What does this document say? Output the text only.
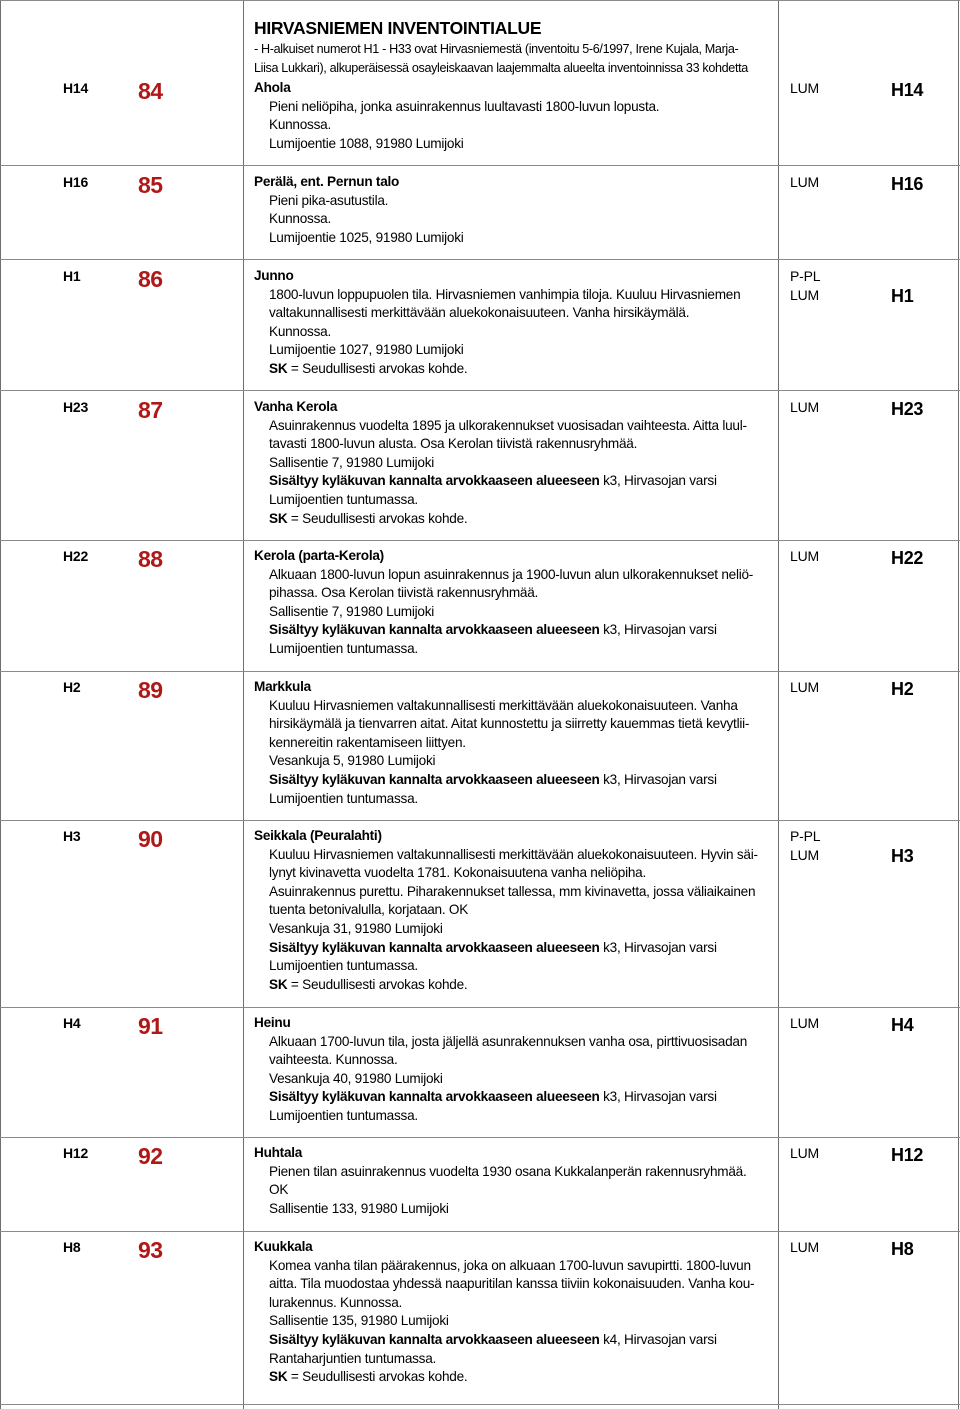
HIRVASNIEMEN INVENTOINTIALUE
- H-alkuiset numerot H1 - H33 ovat Hirvasniemestä (inventoitu 5-6/1997, Irene Kujala, Marja-
Liisa Lukkari), alkuperäisessä osayleiskaavan laajemmalta alueelta inventoinnissa 33 kohdetta
H14 84	Ahola
Pieni neliöpiha, jonka asuinrakennus luultavasti 1800-luvun lopusta.
Kunnossa.
Lumijoentie 1088, 91980 Lumijoki
LUM	H14
H16 85	Perälä, ent. Pernun talo
Pieni pika-asutustila.
Kunnossa.
Lumijoentie 1025, 91980 Lumijoki
LUM	H16
H1	86	Junno
1800-luvun loppupuolen tila. Hirvasniemen vanhimpia tiloja. Kuuluu Hirvasniemen
valtakunnallisesti merkittävään aluekokonaisuuteen. Vanha hirsikäymälä.
Kunnossa.
Lumijoentie 1027, 91980 Lumijoki
SK = Seudullisesti arvokas kohde.
P-PL
LUM	H1
H23 87	Vanha Kerola
Asuinrakennus vuodelta 1895 ja ulkorakennukset vuosisadan vaihteesta. Aitta luul-
tavasti 1800-luvun alusta. Osa Kerolan tiivistä rakennusryhmää.
Sallisentie 7, 91980 Lumijoki
Sisältyy kyläkuvan kannalta arvokkaaseen alueeseen k3, Hirvasojan varsi
Lumijoentien tuntumassa.
SK = Seudullisesti arvokas kohde.
LUM	H23
H22 88	Kerola (parta-Kerola)
Alkuaan 1800-luvun lopun asuinrakennus ja 1900-luvun alun ulkorakennukset neliö-
pihassa. Osa Kerolan tiivistä rakennusryhmää.
Sallisentie 7, 91980 Lumijoki
Sisältyy kyläkuvan kannalta arvokkaaseen alueeseen k3, Hirvasojan varsi
Lumijoentien tuntumassa.
LUM	H22
H2	89	Markkula
Kuuluu Hirvasniemen valtakunnallisesti merkittävään aluekokonaisuuteen. Vanha
hirsikäymälä ja tienvarren aitat. Aitat kunnostettu ja siirretty kauemmas tietä kevytlii-
kennereitin rakentamiseen liittyen.
Vesankuja 5, 91980 Lumijoki
Sisältyy kyläkuvan kannalta arvokkaaseen alueeseen k3, Hirvasojan varsi
Lumijoentien tuntumassa.
LUM	H2
H3	90	Seikkala (Peuralahti)
Kuuluu Hirvasniemen valtakunnallisesti merkittävään aluekokonaisuuteen. Hyvin säi-
lynyt kivinavetta vuodelta 1781. Kokonaisuutena vanha neliöpiha.
Asuinrakennus purettu. Piharakennukset tallessa, mm kivinavetta, jossa väliaikainen
tuenta betonivalulla, korjataan. OK
Vesankuja 31, 91980 Lumijoki
Sisältyy kyläkuvan kannalta arvokkaaseen alueeseen k3, Hirvasojan varsi
Lumijoentien tuntumassa.
SK = Seudullisesti arvokas kohde.
P-PL
LUM	H3
H4	91	Heinu
Alkuaan 1700-luvun tila, josta jäljellä asunrakennuksen vanha osa, pirttivuosisadan
vaihteesta. Kunnossa.
Vesankuja 40, 91980 Lumijoki
Sisältyy kyläkuvan kannalta arvokkaaseen alueeseen k3, Hirvasojan varsi
Lumijoentien tuntumassa.
LUM	H4
H12 92	Huhtala
Pienen tilan asuinrakennus vuodelta 1930 osana Kukkalanperän rakennusryhmää.
OK
Sallisentie 133, 91980 Lumijoki
LUM	H12
H8	93	Kuukkala
Komea vanha tilan päärakennus, joka on alkuaan 1700-luvun savupirtti. 1800-luvun
aitta. Tila muodostaa yhdessä naapuritilan kanssa tiiviin kokonaisuuden. Vanha kou-
lurakennus. Kunnossa.
Sallisentie 135, 91980 Lumijoki
Sisältyy kyläkuvan kannalta arvokkaaseen alueeseen k4, Hirvasojan varsi
Rantaharjuntien tuntumassa.
SK = Seudullisesti arvokas kohde.
LUM	H8
